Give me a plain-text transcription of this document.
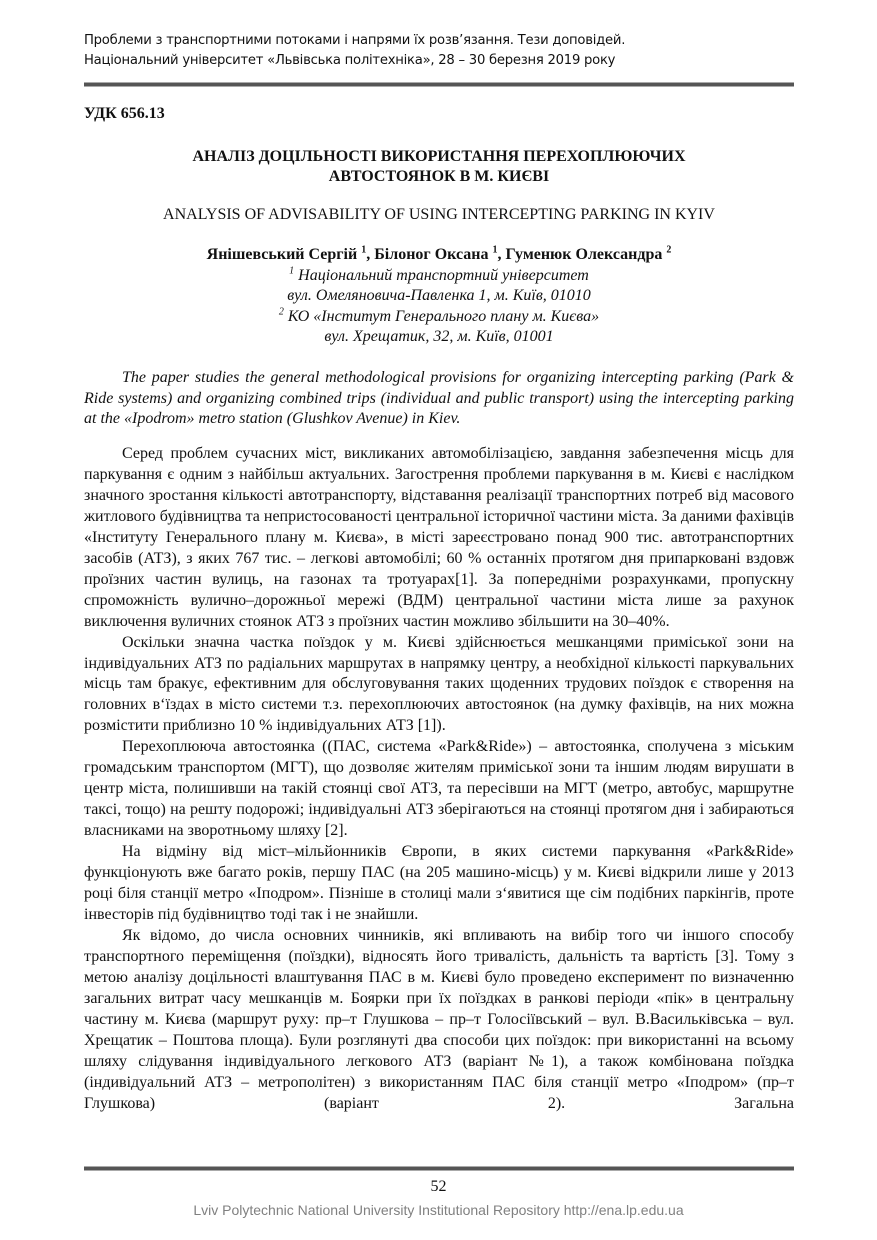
Проблеми з транспортними потоками і напрями їх розв’язання. Тези доповідей.
Національний університет «Львівська політехніка», 28 – 30 березня 2019 року
УДК 656.13
АНАЛІЗ ДОЦІЛЬНОСТІ ВИКОРИСТАННЯ ПЕРЕХОПЛЮЮЧИХ
АВТОСТОЯНОК В М. КИЄВІ
ANALYSIS OF ADVISABILITY OF USING INTERCEPTING PARKING IN KYIV
Янішевський Сергій $^1$, Білоног Оксана $^1$, Гуменюк Олександра $^2$
$^1$ Національний транспортний університет
вул. Омеляновича-Павленка 1, м. Київ, 01010
$^2$ КО «Інститут Генерального плану м. Києва»
вул. Хрещатик, 32, м. Київ, 01001
The paper studies the general methodological provisions for organizing intercepting parking (Park & Ride systems) and organizing combined trips (individual and public transport) using the intercepting parking at the «Ipodrom» metro station (Glushkov Avenue) in Kiev.

Серед проблем сучасних міст, викликаних автомобілізацією, завдання забезпечення місць для паркування є одним з найбільш актуальних. Загострення проблеми паркування в м. Києві є наслідком значного зростання кількості автотранспорту, відставання реалізації транспортних потреб від масового житлового будівництва та непристосованості центральної історичної частини міста. За даними фахівців «Інституту Генерального плану м. Києва», в місті зареєстровано понад 900 тис. автотранспортних засобів (АТЗ), з яких 767 тис. – легкові автомобілі; 60 % останніх протягом дня припарковані вздовж проїзних частин вулиць, на газонах та тротуарах[1]. За попередніми розрахунками, пропускну спроможність вулично–дорожньої мережі (ВДМ) центральної частини міста лише за рахунок виключення вуличних стоянок АТЗ з проїзних частин можливо збільшити на 30–40%.

Оскільки значна частка поїздок у м. Києві здійснюється мешканцями приміської зони на індивідуальних АТЗ по радіальних маршрутах в напрямку центру, а необхідної кількості паркувальних місць там бракує, ефективним для обслуговування таких щоденних трудових поїздок є створення на головних в‘їздах в місто системи т.з. перехоплюючих автостоянок (на думку фахівців, на них можна розмістити приблизно 10 % індивідуальних АТЗ [1]).

Перехоплююча автостоянка ((ПАС, система «Park&Ride») – автостоянка, сполучена з міським громадським транспортом (МГТ), що дозволяє жителям приміської зони та іншим людям вирушати в центр міста, полишивши на такій стоянці свої АТЗ, та пересівши на МГТ (метро, автобус, маршрутне таксі, тощо) на решту подорожі; індивідуальні АТЗ зберігаються на стоянці протягом дня і забираються власниками на зворотньому шляху [2].

На відміну від міст–мільйонників Європи, в яких системи паркування «Park&Ride» функціонують вже багато років, першу ПАС (на 205 машино-місць) у м. Києві відкрили лише у 2013 році біля станції метро «Іподром». Пізніше в столиці мали з‘явитися ще сім подібних паркінгів, проте інвесторів під будівництво тоді так і не знайшли.

Як відомо, до числа основних чинників, які впливають на вибір того чи іншого способу транспортного переміщення (поїздки), відносять його тривалість, дальність та вартість [3]. Тому з метою аналізу доцільності влаштування ПАС в м. Києві було проведено експеримент по визначенню загальних витрат часу мешканців м. Боярки при їх поїздках в ранкові періоди «пік» в центральну частину м. Києва (маршрут руху: пр–т Глушкова – пр–т Голосіївський – вул. В.Васильківська – вул. Хрещатик – Поштова площа). Були розглянуті два способи цих поїздок: при використанні на всьому шляху слідування індивідуального легкового АТЗ (варіант №1), а також комбінована поїздка (індивідуальний АТЗ – метрополітен) з використанням ПАС біля станції метро «Іподром» (пр–т Глушкова) (варіант 2). Загальна

52
Lviv Polytechnic National University Institutional Repository http://ena.lp.edu.ua
